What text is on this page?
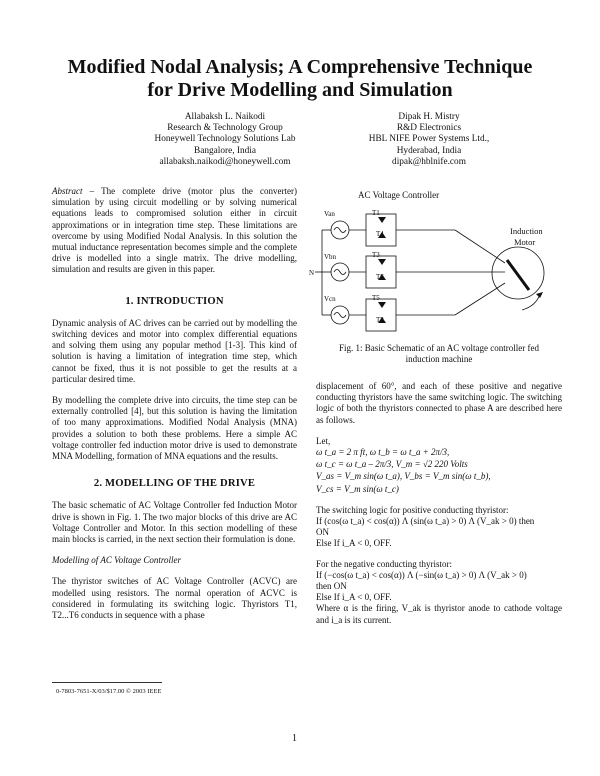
Modified Nodal Analysis; A Comprehensive Technique
for Drive Modelling and Simulation
Allabaksh L. Naikodi
Research & Technology Group
Honeywell Technology Solutions Lab
Bangalore, India
allabaksh.naikodi@honeywell.com
Dipak H. Mistry
R&D Electronics
HBL NIFE Power Systems Ltd.,
Hyderabad, India
dipak@hblnife.com

Abstract – The complete drive (motor plus the converter) simulation by using circuit modelling or by solving numerical equations leads to compromised solution either in circuit approximations or in integration time step. These limitations are overcome by using Modified Nodal Analysis. In this solution the mutual inductance representation becomes simple and the complete drive is modelled into a single matrix. The drive modelling, simulation and results are given in this paper.

1. INTRODUCTION

Dynamic analysis of AC drives can be carried out by modelling the switching devices and motor into complex differential equations and solving them using any popular method [1-3]. This kind of solution is having a limitation of integration time step, which cannot be fixed, thus it is not possible to get the results at a particular desired time.

By modelling the complete drive into circuits, the time step can be externally controlled [4], but this solution is having the limitation of too many approximations. Modified Nodal Analysis (MNA) provides a solution to both these problems. Here a simple AC voltage controller fed induction motor drive is used to demonstrate MNA Modelling, formation of MNA equations and the results.

2. MODELLING OF THE DRIVE

The basic schematic of AC Voltage Controller fed Induction Motor drive is shown in Fig. 1. The two major blocks of this drive are AC Voltage Controller and Motor. In this section modelling of these main blocks is carried, in the next section their formulation is done.

Modelling of AC Voltage Controller

The thyristor switches of AC Voltage Controller (ACVC) are modelled using resistors. The normal operation of ACVC is considered in formulating its switching logic. Thyristors T1, T2...T6 conducts in sequence with a phase

0-7803-7651-X/03/$17.00 © 2003 IEEE
1
AC Voltage Controller
Van
Vbn
Vcn
N
T1
T4
T3
T6
T5
T2
Induction
Motor
Fig. 1: Basic Schematic of an AC voltage controller fed
induction machine

displacement of 60°, and each of these positive and negative conducting thyristors have the same switching logic. The switching logic of both the thyristors connected to phase A are described here as follows.

Let,
ω t_a = 2 π ft, ω t_b = ω t_a + 2π/3,
ω t_c = ω t_a – 2π/3, V_m = √2 220 Volts
V_as = V_m sin(ω t_a), V_bs = V_m sin(ω t_b),
V_cs = V_m sin(ω t_c)
The switching logic for positive conducting thyristor:
If (cos(ω t_a) < cos(α)) Λ (sin(ω t_a) > 0) Λ (V_ak > 0) then
ON
Else If i_A < 0, OFF.
For the negative conducting thyristor:
If (−cos(ω t_a) < cos(α)) Λ (−sin(ω t_a) > 0) Λ (V_ak > 0)
then ON
Else If i_A < 0, OFF.

Where α is the firing, V_ak is thyristor anode to cathode voltage and i_a is its current.
